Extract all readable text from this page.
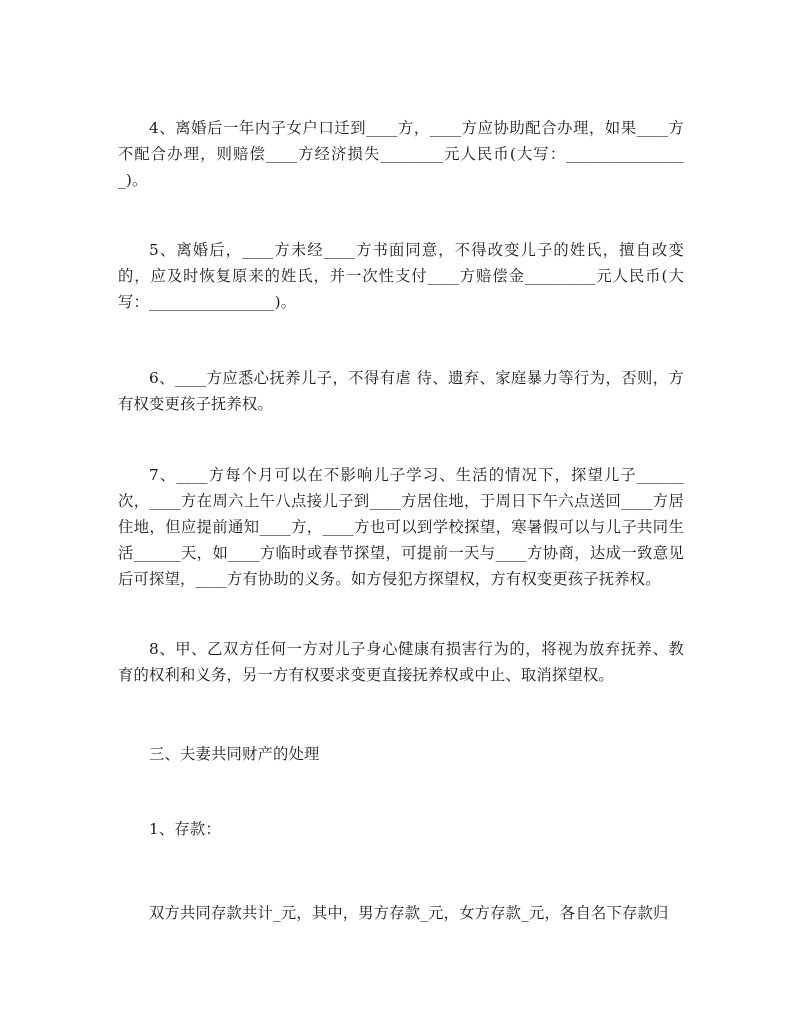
4、离婚后一年内子女户口迁到____方，____方应协助配合办理，如果____方不配合办理，则赔偿____方经济损失________元人民币(大写：________________)。

5、离婚后，____方未经____方书面同意，不得改变儿子的姓氏，擅自改变的，应及时恢复原来的姓氏，并一次性支付____方赔偿金_________元人民币(大写：________________)。

6、____方应悉心抚养儿子，不得有虐 待、遗弃、家庭暴力等行为，否则，方有权变更孩子抚养权。

7、____方每个月可以在不影响儿子学习、生活的情况下，探望儿子______次，____方在周六上午八点接儿子到____方居住地，于周日下午六点送回____方居住地，但应提前通知____方，____方也可以到学校探望，寒暑假可以与儿子共同生活______天，如____方临时或春节探望，可提前一天与____方协商，达成一致意见后可探望，____方有协助的义务。如方侵犯方探望权，方有权变更孩子抚养权。

8、甲、乙双方任何一方对儿子身心健康有损害行为的，将视为放弃抚养、教育的权利和义务，另一方有权要求变更直接抚养权或中止、取消探望权。

三、夫妻共同财产的处理

1、存款：

双方共同存款共计_元，其中，男方存款_元，女方存款_元，各自名下存款归
